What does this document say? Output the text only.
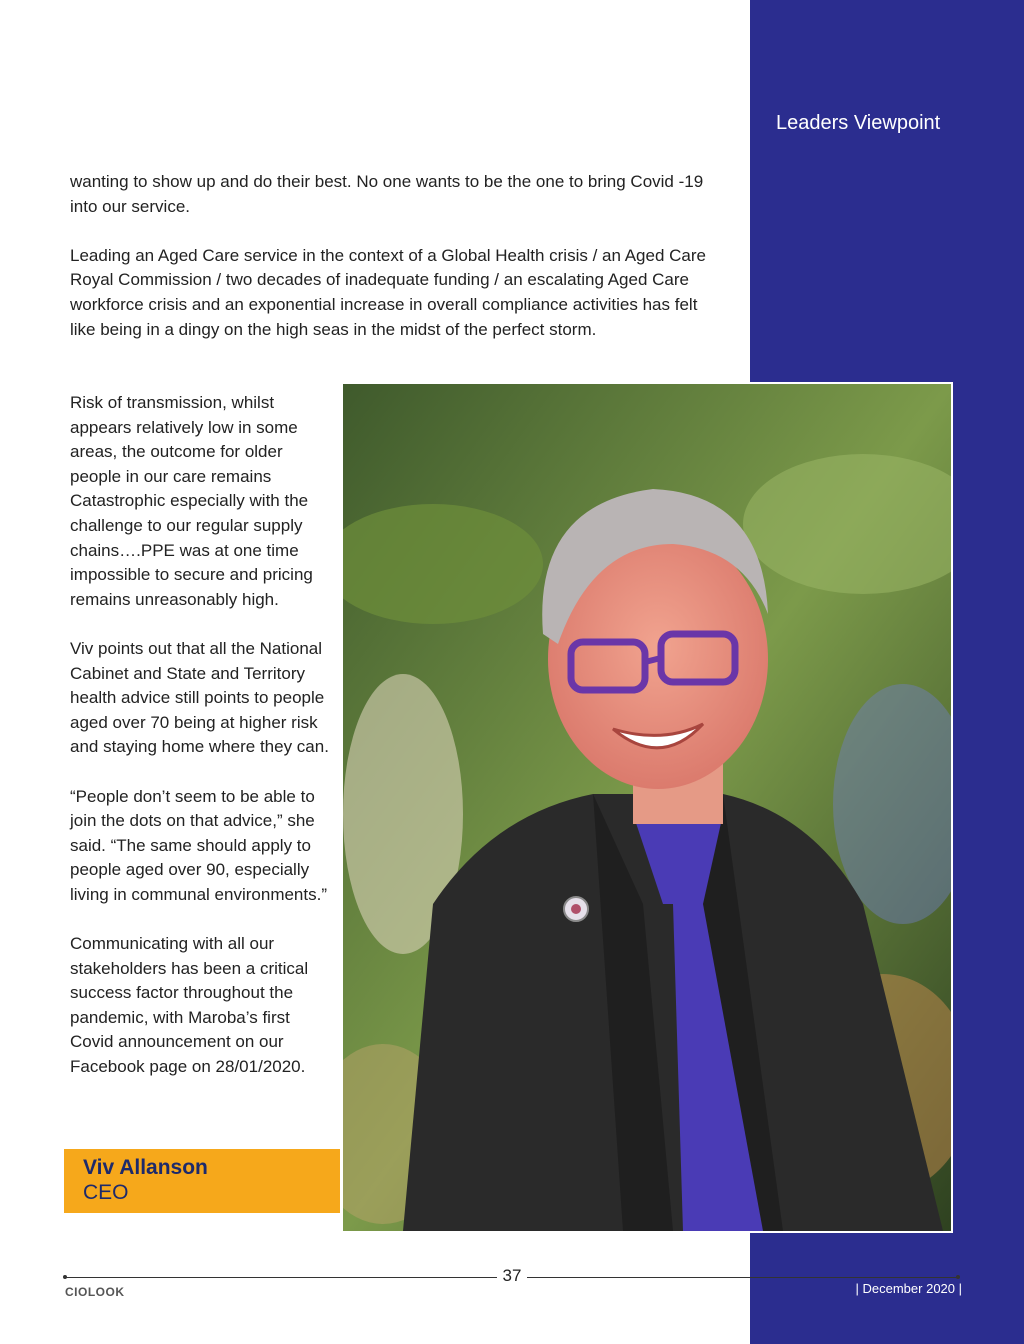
Leaders Viewpoint

wanting to show up and do their best. No one wants to be the one to bring Covid -19 into our service.

Leading an Aged Care service in the context of a Global Health crisis / an Aged Care Royal Commission / two decades of inadequate funding / an escalating Aged Care workforce crisis and an exponential increase in overall compliance activities has felt like being in a dingy on the high seas in the midst of the perfect storm.

Risk of transmission, whilst appears relatively low in some areas, the outcome for older people in our care remains Catastrophic especially with the challenge to our regular supply chains….PPE was at one time impossible to secure and pricing remains unreasonably high.

Viv points out that all the National Cabinet and State and Territory health advice still points to people aged over 70 being at higher risk and staying home where they can.

“People don’t seem to be able to join the dots on that advice,” she said. “The same should apply to people aged over 90, especially living in communal environments.”

Communicating with all our stakeholders has been a critical success factor throughout the pandemic, with Maroba’s first Covid announcement on our Facebook page on 28/01/2020.

Viv Allanson
CEO
37
CIOLOOK	| December 2020 |
